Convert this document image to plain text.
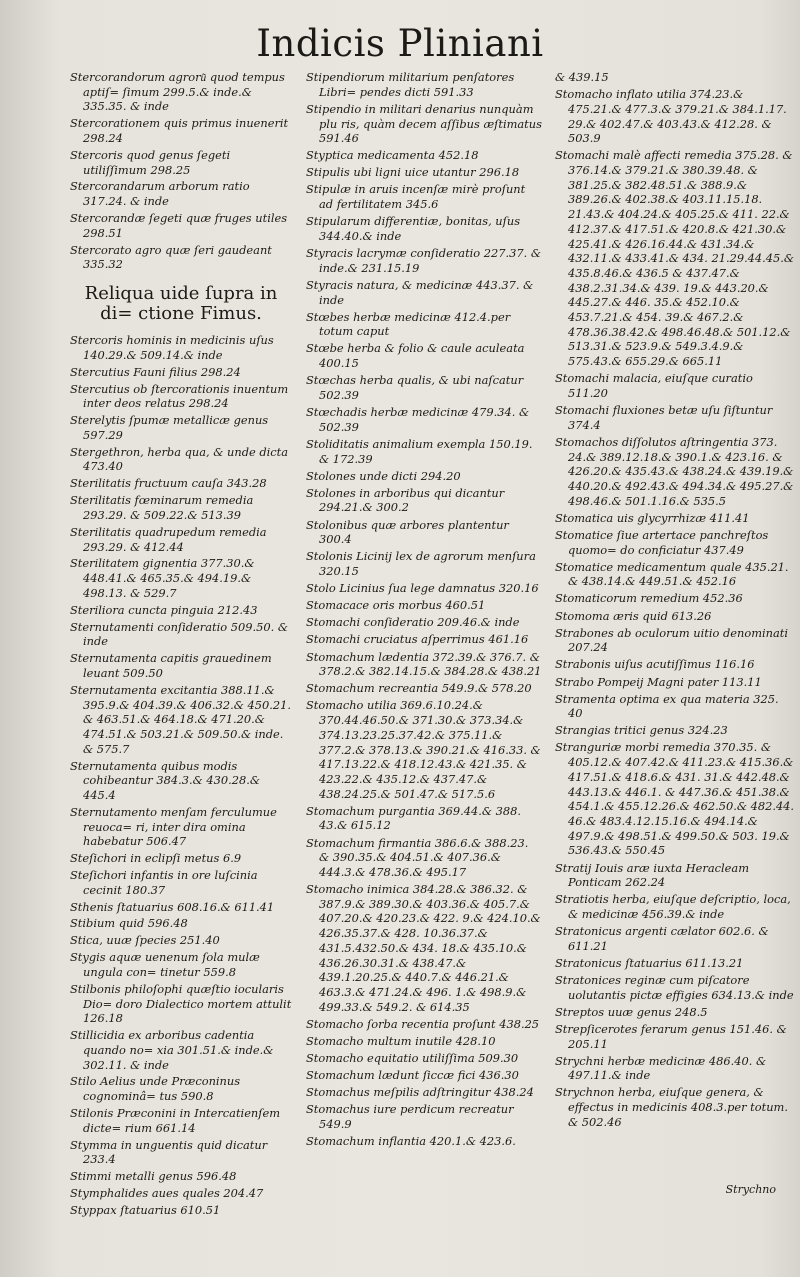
Indicis Pliniani
Stercorandorum agroru͂ quod tempus aptiſ= ſimum 299.5.& inde.& 335.35. & inde
Stercorationem quis primus inuenerit 298.24
Stercoris quod genus ſegeti utiliſſimum 298.25
Stercorandarum arborum ratio 317.24. & inde
Stercorandæ ſegeti quæ fruges utiles 298.51
Stercorato agro quæ ſeri gaudeant 335.32
Reliqua uide ſupra in di= ctione Fimus.
Stercoris hominis in medicinis uſus 140.29.& 509.14.& inde
Stercutius Fauni filius 298.24
Stercutius ob ſtercorationis inuentum inter deos relatus 298.24
Sterelytis ſpumæ metallicæ genus 597.29
Stergethron, herba qua, & unde dicta 473.40
Sterilitatis fructuum cauſa 343.28
Sterilitatis fœminarum remedia 293.29. & 509.22.& 513.39
Sterilitatis quadrupedum remedia 293.29. & 412.44
Sterilitatem gignentia 377.30.& 448.41.& 465.35.& 494.19.& 498.13. & 529.7
Steriliora cuncta pinguia 212.43
Sternutamenti conſideratio 509.50. & inde
Sternutamenta capitis grauedinem leuant 509.50
Sternutamenta excitantia 388.11.& 395.9.& 404.39.& 406.32.& 450.21. & 463.51.& 464.18.& 471.20.& 474.51.& 503.21.& 509.50.& inde. & 575.7
Sternutamenta quibus modis cohibeantur 384.3.& 430.28.& 445.4
Sternutamento menſam ferculumue reuoca= ri, inter dira omina habebatur 506.47
Steſichori in eclipſi metus 6.9
Steſichori infantis in ore luſcinia cecinit 180.37
Sthenis ſtatuarius 608.16.& 611.41
Stibium quid 596.48
Stica, uuæ ſpecies 251.40
Stygis aquæ uenenum ſola mulæ ungula con= tinetur 559.8
Stilbonis philoſophi quæſtio iocularis Dio= doro Dialectico mortem attulit 126.18
Stillicidia ex arboribus cadentia quando no= xia 301.51.& inde.& 302.11. & inde
Stilo Aelius unde Præconinus cognominâ= tus 590.8
Stilonis Præconini in Intercatienſem dicte= rium 661.14
Stymma in unguentis quid dicatur 233.4
Stimmi metalli genus 596.48
Stymphalides aues quales 204.47
Styppax ſtatuarius 610.51
Stipendiorum militarium penſatores Libri= pendes dicti 591.33
Stipendio in militari denarius nunquàm plu ris, quàm decem aſſibus æſtimatus 591.46
Styptica medicamenta 452.18
Stipulis ubi ligni uice utantur 296.18
Stipulæ in aruis incenſæ mirè proſunt ad fertilitatem 345.6
Stipularum differentiæ, bonitas, uſus 344.40.& inde
Styracis lacrymæ conſideratio 227.37. & inde.& 231.15.19
Styracis natura, & medicinæ 443.37. & inde
Stœbes herbæ medicinæ 412.4.per totum caput
Stœbe herba & folio & caule aculeata 400.15
Stœchas herba qualis, & ubi naſcatur 502.39
Stœchadis herbæ medicinæ 479.34. & 502.39
Stoliditatis animalium exempla 150.19. & 172.39
Stolones unde dicti 294.20
Stolones in arboribus qui dicantur 294.21.& 300.2
Stolonibus quæ arbores plantentur 300.4
Stolonis Licinij lex de agrorum menſura 320.15
Stolo Licinius ſua lege damnatus 320.16
Stomacace oris morbus 460.51
Stomachi conſideratio 209.46.& inde
Stomachi cruciatus aſperrimus 461.16
Stomachum lædentia 372.39.& 376.7. & 378.2.& 382.14.15.& 384.28.& 438.21
Stomachum recreantia 549.9.& 578.20
Stomacho utilia 369.6.10.24.& 370.44.46.50.& 371.30.& 373.34.& 374.13.23.25.37.42.& 375.11.& 377.2.& 378.13.& 390.21.& 416.33. & 417.13.22.& 418.12.43.& 421.35. & 423.22.& 435.12.& 437.47.& 438.24.25.& 501.47.& 517.5.6
Stomachum purgantia 369.44.& 388. 43.& 615.12
Stomachum firmantia 386.6.& 388.23. & 390.35.& 404.51.& 407.36.& 444.3.& 478.36.& 495.17
Stomacho inimica 384.28.& 386.32. & 387.9.& 389.30.& 403.36.& 405.7.& 407.20.& 420.23.& 422. 9.& 424.10.& 426.35.37.& 428. 10.36.37.& 431.5.432.50.& 434. 18.& 435.10.& 436.26.30.31.& 438.47.& 439.1.20.25.& 440.7.& 446.21.& 463.3.& 471.24.& 496. 1.& 498.9.& 499.33.& 549.2. & 614.35
Stomacho ſorba recentia proſunt 438.25
Stomacho multum inutile 428.10
Stomacho equitatio utiliſſima 509.30
Stomachum lædunt ſiccæ fici 436.30
Stomachus meſpilis adſtringitur 438.24
Stomachus iure perdicum recreatur 549.9
Stomachum inflantia 420.1.& 423.6.
& 439.15
Stomacho inflato utilia 374.23.& 475.21.& 477.3.& 379.21.& 384.1.17. 29.& 402.47.& 403.43.& 412.28. & 503.9
Stomachi malè affecti remedia 375.28. & 376.14.& 379.21.& 380.39.48. & 381.25.& 382.48.51.& 388.9.& 389.26.& 402.38.& 403.11.15.18. 21.43.& 404.24.& 405.25.& 411. 22.& 412.37.& 417.51.& 420.8.& 421.30.& 425.41.& 426.16.44.& 431.34.& 432.11.& 433.41.& 434. 21.29.44.45.& 435.8.46.& 436.5 & 437.47.& 438.2.31.34.& 439. 19.& 443.20.& 445.27.& 446. 35.& 452.10.& 453.7.21.& 454. 39.& 467.2.& 478.36.38.42.& 498.46.48.& 501.12.& 513.31.& 523.9.& 549.3.4.9.& 575.43.& 655.29.& 665.11
Stomachi malacia, eiuſque curatio 511.20
Stomachi fluxiones betæ uſu ſiſtuntur 374.4
Stomachos diſſolutos aſtringentia 373. 24.& 389.12.18.& 390.1.& 423.16. & 426.20.& 435.43.& 438.24.& 439.19.& 440.20.& 492.43.& 494.34.& 495.27.& 498.46.& 501.1.16.& 535.5
Stomatica uis glycyrrhizæ 411.41
Stomatice ſiue artertace panchreſtos quomo= do conficiatur 437.49
Stomatice medicamentum quale 435.21. & 438.14.& 449.51.& 452.16
Stomaticorum remedium 452.36
Stomoma æris quid 613.26
Strabones ab oculorum uitio denominati 207.24
Strabonis uiſus acutiſſimus 116.16
Strabo Pompeij Magni pater 113.11
Stramenta optima ex qua materia 325. 40
Strangias tritici genus 324.23
Stranguriæ morbi remedia 370.35. & 405.12.& 407.42.& 411.23.& 415.36.& 417.51.& 418.6.& 431. 31.& 442.48.& 443.13.& 446.1. & 447.36.& 451.38.& 454.1.& 455.12.26.& 462.50.& 482.44. 46.& 483.4.12.15.16.& 494.14.& 497.9.& 498.51.& 499.50.& 503. 19.& 536.43.& 550.45
Stratij Iouis aræ iuxta Heracleam Ponticam 262.24
Stratiotis herba, eiuſque deſcriptio, loca, & medicinæ 456.39.& inde
Stratonicus argenti cælator 602.6. & 611.21
Stratonicus ſtatuarius 611.13.21
Stratonices reginæ cum piſcatore uolutantis pictæ effigies 634.13.& inde
Streptos uuæ genus 248.5
Strepſicerotes ferarum genus 151.46. & 205.11
Strychni herbæ medicinæ 486.40. & 497.11.& inde
Strychnon herba, eiuſque genera, & effectus in medicinis 408.3.per totum. & 502.46
Strychno
